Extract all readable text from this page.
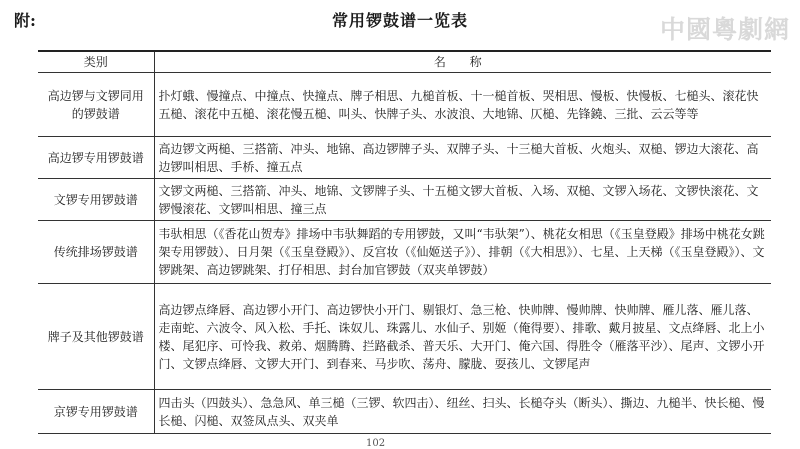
附:	常用锣鼓谱一览表	中國粵劇網
类别	名 称
高边锣与文锣同用的锣鼓谱	扑灯蛾、慢撞点、中撞点、快撞点、牌子相思、九槌首板、十一槌首板、哭相思、慢板、快慢板、七槌头、滚花快五槌、滚花中五槌、滚花慢五槌、叫头、快牌子头、水波浪、大地锦、仄槌、先锋鐃、三批、云云等等
高边锣专用锣鼓谱	高边锣文两槌、三搭箭、冲头、地锦、高边锣牌子头、双牌子头、十三槌大首板、火炮头、双槌、锣边大滚花、高边锣叫相思、手桥、撞五点
文锣专用锣鼓谱	文锣文两槌、三搭箭、冲头、地锦、文锣牌子头、十五槌文锣大首板、入场、双槌、文锣入场花、文锣快滚花、文锣慢滚花、文锣叫相思、撞三点
传统排场锣鼓谱	韦驮相思（《香花山贺寿》排场中韦驮舞蹈的专用锣鼓，又叫“韦驮架”）、桃花女相思（《玉皇登殿》排场中桃花女跳架专用锣鼓）、日月架（《玉皇登殿》）、反宫妆（《仙姬送子》）、排朝（《大相思》）、七星、上天梯（《玉皇登殿》）、文锣跳架、高边锣跳架、打仔相思、封台加官锣鼓（双夹单锣鼓）
牌子及其他锣鼓谱	高边锣点绛唇、高边锣小开门、高边锣快小开门、剔银灯、急三枪、快帅牌、慢帅牌、快帅牌、雁儿落、雁儿落、走南蛇、六波令、风入松、手托、诛奴儿、珠露儿、水仙子、别姬（俺得要）、排歌、戴月披星、文点绛唇、北上小楼、尾犯序、可怜我、救弟、烟腾腾、拦路截杀、普天乐、大开门、俺六国、得胜令（雁落平沙）、尾声、文锣小开门、文锣点绛唇、文锣大开门、到春来、马步吹、荡舟、朦胧、耍孩儿、文锣尾声
京锣专用锣鼓谱	四击头（四鼓头）、急急风、单三槌（三锣、软四击）、纽丝、扫头、长槌夺头（断头）、撕边、九槌半、快长槌、慢长槌、闪槌、双签凤点头、双夹单
102
